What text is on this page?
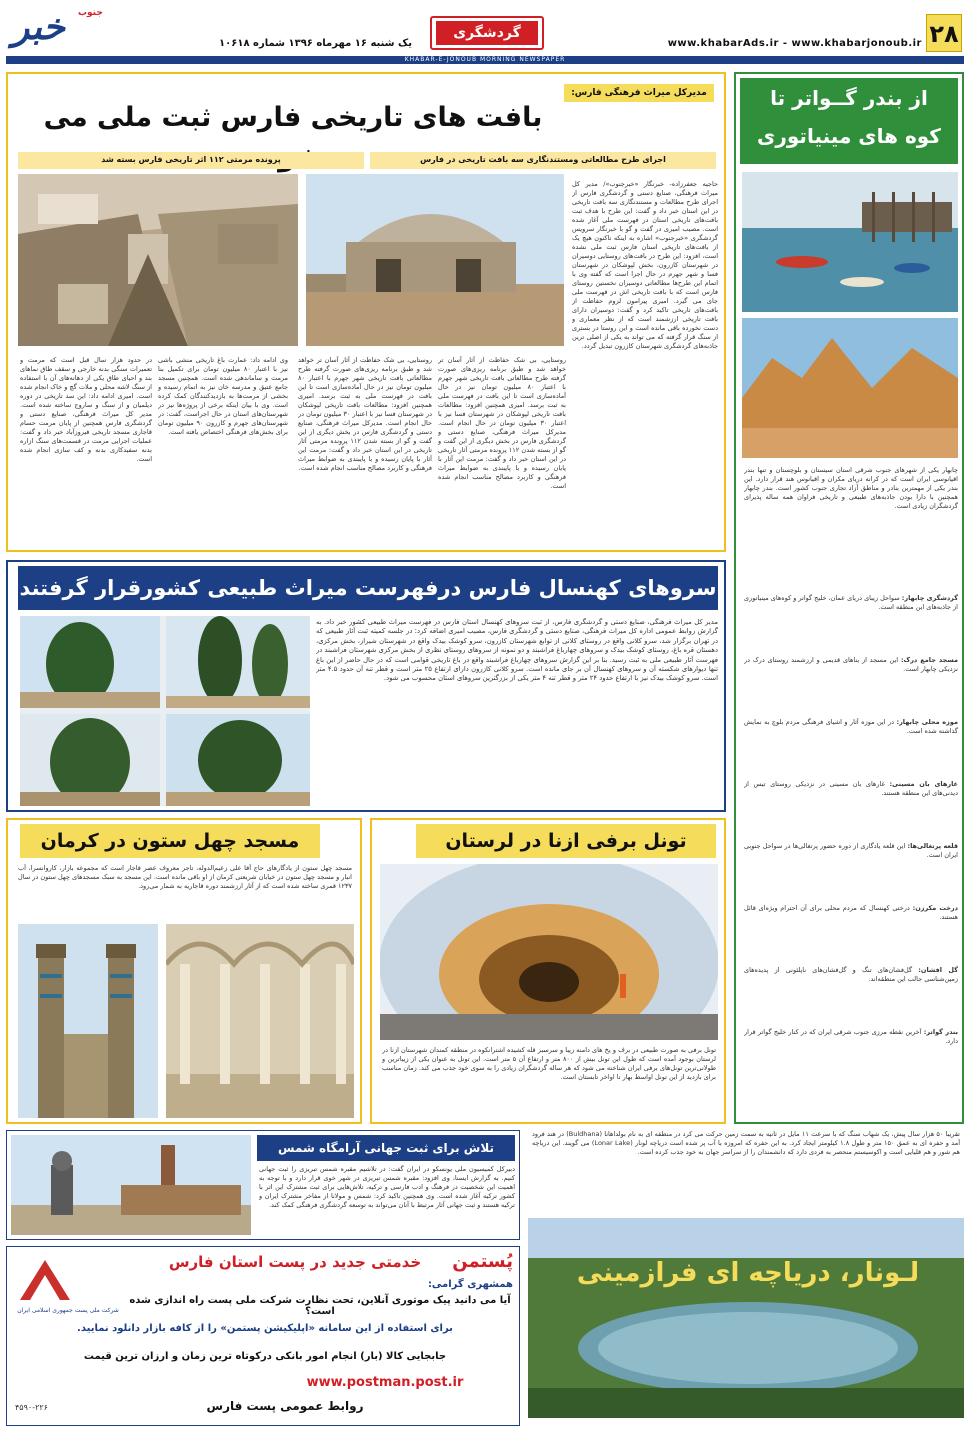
۲۸
www.khabarAds.ir - www.khabarjonoub.ir
گردشگری
یک شنبه ۱۶ مهرماه ۱۳۹۶ شماره ۱۰۶۱۸
خبر جنوب
KHABAR-E-JONOUB MORNING NEWSPAPER
مدیرکل میراث فرهنگی فارس:
بافت های تاریخی فارس ثبت ملی می
اجرای طرح مطالعاتی ومستندنگاری سه بافت تاریخی در فارس
پرونده مرمتی ۱۱۲ اثر تاریخی فارس بسته شد
حاجیه جعفرزاده- خبرنگار «خبرجنوب»/ مدیر کل میراث فرهنگی، صنایع دستی و گردشگری فارس از اجرای طرح مطالعات و مستندنگاری سه بافت تاریخی در این استان خبر داد و گفت: این طرح با هدف ثبت بافت‌های تاریخی استان در فهرست ملی آغاز شده است. مصیب امیری در گفت و گو با خبرنگار سرویس گردشگری «خبرجنوب» اشاره به اینکه تاکنون هیچ یک از بافت‌های تاریخی استان فارس ثبت ملی نشده است، افزود: این طرح در بافت‌های روستایی دوسیران در شهرستان کازرون، بخش لپوشکان در شهرستان فسا و شهر جهرم در حال اجرا است که گفته وی با اتمام این طرح‌ها مطالعاتی دوسیران نخستین روستای فارس است که با بافت تاریخی اش در فهرست ملی جای می گیرد. امیری پیرامون لزوم حفاظت از بافت‌های تاریخی تاکید کرد و گفت: دوسیران دارای بافت تاریخی ارزشمند است که از نظر معماری و دست نخورده باقی مانده است و این روستا در بستری از سنگ قرار گرفته که می تواند به یکی از اصلی ترین جاذبه‌های گردشگری شهرستان کازرون تبدیل گردد.
روستایی، بی شک حفاظت از آثار آسان تر خواهد شد و طبق برنامه ریزی‌های صورت گرفته طرح مطالعاتی بافت تاریخی شهر جهرم با اعتبار ۸۰ میلیون تومان نیز در حال آماده‌سازی است تا این بافت در فهرست ملی به ثبت برسد. امیری همچنین افزود: مطالعات بافت تاریخی لپوشکان در شهرستان فسا نیز با اعتبار ۳۰ میلیون تومان در حال انجام است. مدیرکل میراث فرهنگی، صنایع دستی و گردشگری فارس در بخش دیگری از این گفت و گو از بسته شدن ۱۱۲ پرونده مرمتی آثار تاریخی در این استان خبر داد و گفت: مرمت این آثار با پایان رسیده و با پایبندی به ضوابط میراث فرهنگی و کاربرد مصالح مناسب انجام شده است.
وی ادامه داد: عمارت باغ تاریخی منشی باشی نیز با اعتبار ۸۰ میلیون تومان برای تکمیل بنا مرمت و ساماندهی شده است. همچنین مسجد جامع عتیق و مدرسه خان نیز به اتمام رسیده و بخشی از مرمت‌ها به بازدیدکنندگان کمک کرده است. وی با بیان اینکه برخی از پروژه‌ها نیز در شهرستان‌های استان در حال اجراست، گفت: در شهرستان‌های جهرم و کازرون ۹۰ میلیون تومان برای بخش‌های فرهنگی اختصاص یافته است.
روستایی، بی شک حفاظت از آثار آسان تر خواهد شد و طبق برنامه ریزی‌های صورت گرفته طرح مطالعاتی بافت تاریخی شهر جهرم با اعتبار ۸۰ میلیون تومان نیز در حال آماده‌سازی است تا این بافت در فهرست ملی به ثبت برسد. امیری همچنین افزود: مطالعات بافت تاریخی لپوشکان در شهرستان فسا نیز با اعتبار ۳۰ میلیون تومان در حال انجام است. مدیرکل میراث فرهنگی، صنایع دستی و گردشگری فارس در بخش دیگری از این گفت و گو از بسته شدن ۱۱۲ پرونده مرمتی آثار تاریخی در این استان خبر داد و گفت: مرمت این آثار با پایان رسیده و با پایبندی به ضوابط میراث فرهنگی و کاربرد مصالح مناسب انجام شده است.
در حدود هزار سال قبل است که مرمت و تعمیرات سنگی بدنه خارجی و سقف طاق نماهای بند و احیای طاق یکی از دهانه‌های آن با استفاده از سنگ لاشه محلی و ملات گچ و خاک انجام شده است. امیری ادامه داد: این سد تاریخی در دوره دیلمیان و از سنگ و ساروج ساخته شده است. مدیر کل میراث فرهنگی، صنایع دستی و گردشگری فارس همچنین از پایان مرمت حسام قاجاری مسجد تاریخی فیروزآباد خبر داد و گفت: عملیات اجرایی مرمت در قسمت‌های سنگ ازاره بدنه سفیدکاری بدنه و کف سازی انجام شده است.
سروهای کهنسال فارس درفهرست میراث طبیعی کشورقرار گرفتند
مدیر کل میراث فرهنگی، صنایع دستی و گردشگری فارس، از ثبت سروهای کهنسال استان فارس در فهرست میراث طبیعی کشور خبر داد. به گزارش روابط عمومی اداره کل میراث فرهنگی، صنایع دستی و گردشگری فارس، مصیب امیری اضافه کرد: در جلسه کمیته ثبت آثار طبیعی که در تهران برگزار شد، سرو کلانی واقع در روستای کلانی از توابع شهرستان کازرون، سرو کوشک بیدک واقع در شهرستان شیراز، بخش مرکزی، دهستان قره باغ، روستای کوشک بیدک و سروهای چهارباغ فراشبند و دو نمونه از سروهای روستای نظری از بخش مرکزی شهرستان فراشبند در فهرست آثار طبیعی ملی به ثبت رسید. بنا بر این گزارش سروهای چهارباغ فراشبند واقع در باغ تاریخی قوامی است که در حال حاضر از این باغ تنها دیوارهای شکسته آن و سروهای کهنسال آن بر جای مانده است. سرو کلانی کازرون دارای ارتفاع ۲۵ متر است و قطر تنه آن حدود ۴.۵ متر است. سرو کوشک بیدک نیز با ارتفاع حدود ۲۴ متر و قطر تنه ۴ متر یکی از بزرگترین سروهای استان محسوب می شود.
مسجد چهل ستون در کرمان
مسجد چهل ستون از یادگارهای حاج آقا علی زعیم‌الدوله، تاجر معروف عصر قاجار است که مجموعه بازار، کاروانسرا، آب انبار و مسجد چهل ستون در خیابان شریعتی کرمان از او باقی مانده است. این مسجد به سبک مسجدهای چهل ستون در سال ۱۲۳۷ قمری ساخته شده است که از آثار ارزشمند دوره قاجاریه به شمار می‌رود.
تونل برفی ازنا در لرستان
تونل برفی به صورت طبیعی در برف و یخ های دامنه زیبا و سرسبز قله کشیده اشترانکوه در منطقه کمندان شهرستان ازنا در لرستان بوجود آمده است که طول این تونل بیش از ۸۰۰ متر و ارتفاع آن ۵ متر است. این تونل به عنوان یکی از زیباترین و طولانی‌ترین تونل‌های برفی ایران شناخته می شود که هر ساله گردشگران زیادی را به سوی خود جذب می کند. زمان مناسب برای بازدید از این تونل اواسط بهار تا اواخر تابستان است.
از بندر گــواتر تا
کوه های مینیاتوری
چابهار یکی از شهرهای جنوب شرقی استان سیستان و بلوچستان و تنها بندر اقیانوسی ایران است که در کرانه دریای مکران و اقیانوس هند قرار دارد. این بندر یکی از مهمترین بنادر و مناطق آزاد تجاری جنوب کشور است. بندر چابهار همچنین با دارا بودن جاذبه‌های طبیعی و تاریخی فراوان همه ساله پذیرای گردشگران زیادی است.
گردشگری چابهار: سواحل زیبای دریای عمان، خلیج گواتر و کوه‌های مینیاتوری از جاذبه‌های این منطقه است.
مسجد جامع درک: این مسجد از بناهای قدیمی و ارزشمند روستای درک در نزدیکی چابهار است.
موزه محلی چابهار: در این موزه آثار و اشیای فرهنگی مردم بلوچ به نمایش گذاشته شده است.
غارهای بان مسینی: غارهای بان مسینی در نزدیکی روستای تیس از دیدنی‌های این منطقه هستند.
قلعه پرتغالی‌ها: این قلعه یادگاری از دوره حضور پرتغالی‌ها در سواحل جنوبی ایران است.
درخت مکرزن: درختی کهنسال که مردم محلی برای آن احترام ویژه‌ای قائل هستند.
گل افشان: گل‌فشان‌های تنگ و گل‌فشان‌های ناپلئونی از پدیده‌های زمین‌شناسی جالب این منطقه‌اند.
بندر گواتر: آخرین نقطه مرزی جنوب شرقی ایران که در کنار خلیج گواتر قرار دارد.
تلاش برای ثبت جهانی آرامگاه شمس
دبیرکل کمیسیون ملی یونسکو در ایران گفت: در تلاشیم مقبره شمس تبریزی را ثبت جهانی کنیم. به گزارش ایسنا، وی افزود: مقبره شمس تبریزی در شهر خوی قرار دارد و با توجه به اهمیت این شخصیت در فرهنگ و ادب فارسی و ترکیه، تلاش‌هایی برای ثبت مشترک این اثر با کشور ترکیه آغاز شده است. وی همچنین تاکید کرد: شمس و مولانا از مفاخر مشترک ایران و ترکیه هستند و ثبت جهانی آثار مرتبط با آنان می‌تواند به توسعه گردشگری فرهنگی کمک کند.
تقریبا ۵۰ هزار سال پیش، یک شهاب سنگ که با سرعت ۱۱ مایل در ثانیه به سمت زمین حرکت می کرد در منطقه ای به نام بولداهانا (Buldhana) در هند فرود آمد و حفره ای به عمق ۱۵۰ متر و طول ۱.۸ کیلومتر ایجاد کرد. به این حفره که امروزه با آب پر شده است دریاچه لونار (Lonar Lake) می گویند. این دریاچه هم شور و هم قلیایی است و اکوسیستم منحصر به فردی دارد که دانشمندان را از سراسر جهان به خود جذب کرده است.
لـونار، دریاچه ای فرازمینی
شرکت ملی پست جمهوری اسلامی ایران
پُستمن
خدمتی جدید در پست استان فارس
همشهری گرامی:
آیا می دانید پیک موتوری آنلاین، تحت نظارت شرکت ملی پست راه اندازی شده است؟
برای استفاده از این سامانه «اپلیکیشن پستمن» را از کافه بازار دانلود نمایید.
جابجایی کالا (بار) انجام امور بانکی درکوتاه ترین زمان و ارزان ترین قیمت
www.postman.post.ir
روابط عمومی پست فارس
۴۵۹۰-۲۲۶
